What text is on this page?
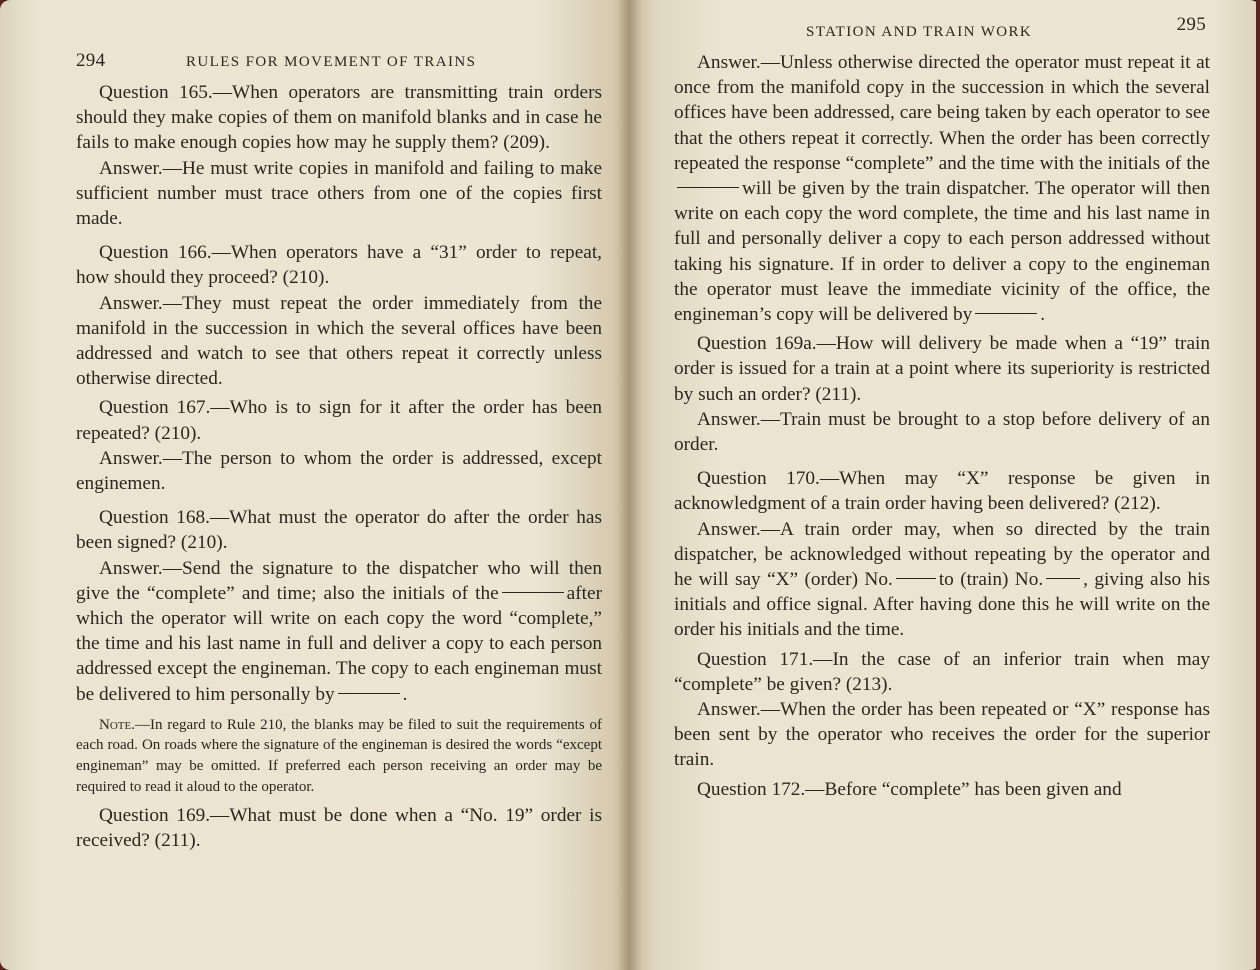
294	RULES FOR MOVEMENT OF TRAINS

Question 165.—When operators are transmitting train orders should they make copies of them on manifold blanks and in case he fails to make enough copies how may he supply them? (209).

Answer.—He must write copies in manifold and failing to make sufficient number must trace others from one of the copies first made.

Question 166.—When operators have a “31” order to repeat, how should they proceed? (210).

Answer.—They must repeat the order immediately from the manifold in the succession in which the several offices have been addressed and watch to see that others repeat it correctly unless otherwise directed.

Question 167.—Who is to sign for it after the order has been repeated? (210).

Answer.—The person to whom the order is addressed, except enginemen.

Question 168.—What must the operator do after the order has been signed? (210).

Answer.—Send the signature to the dispatcher who will then give the “complete” and time; also the initials of the	after which the operator will write on each copy the word “complete,” the time and his last name in full and deliver a copy to each person addressed except the engineman. The copy to each engineman must be delivered to him personally by	.

Note.—In regard to Rule 210, the blanks may be filed to suit the requirements of each road. On roads where the signature of the engineman is desired the words “except engineman” may be omitted. If preferred each person receiving an order may be required to read it aloud to the operator.

Question 169.—What must be done when a “No. 19” order is received? (211).

STATION AND TRAIN WORK	295

Answer.—Unless otherwise directed the operator must repeat it at once from the manifold copy in the succession in which the several offices have been addressed, care being taken by each operator to see that the others repeat it correctly. When the order has been correctly repeated the response “complete” and the time with the initials of thewill be given by the train dispatcher. The operator will then write on each copy the word complete, the time and his last name in full and personally deliver a copy to each person addressed without taking his signature. If in order to deliver a copy to the engineman the operator must leave the immediate vicinity of the office, the engineman’s copy will be delivered by	.

Question 169a.—How will delivery be made when a “19” train order is issued for a train at a point where its superiority is restricted by such an order? (211).

Answer.—Train must be brought to a stop before delivery of an order.

Question 170.—When may “X” response be given in acknowledgment of a train order having been delivered? (212).

Answer.—A train order may, when so directed by the train dispatcher, be acknowledged without repeating by the operator and he will say “X” (order) No. to (train) No. , giving also his initials and office signal. After having done this he will write on the order his initials and the time.

Question 171.—In the case of an inferior train when may “complete” be given? (213).

Answer.—When the order has been repeated or “X” response has been sent by the operator who receives the order for the superior train.

Question 172.—Before “complete” has been given and
